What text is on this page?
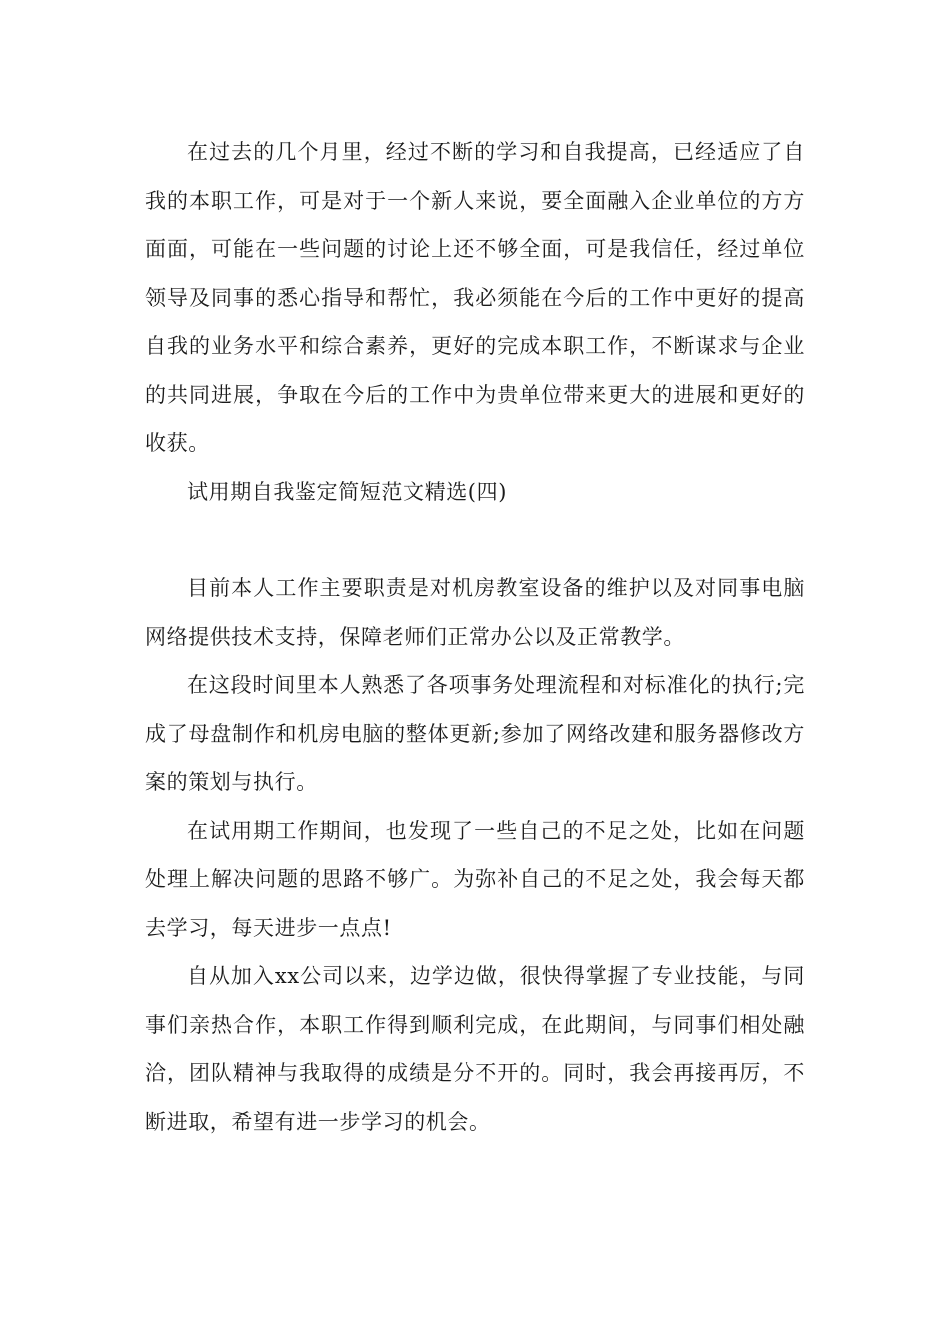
在过去的几个月里，经过不断的学习和自我提高，已经适应了自我的本职工作，可是对于一个新人来说，要全面融入企业单位的方方面面，可能在一些问题的讨论上还不够全面，可是我信任，经过单位领导及同事的悉心指导和帮忙，我必须能在今后的工作中更好的提高自我的业务水平和综合素养，更好的完成本职工作，不断谋求与企业的共同进展，争取在今后的工作中为贵单位带来更大的进展和更好的收获。

试用期自我鉴定简短范文精选(四)

目前本人工作主要职责是对机房教室设备的维护以及对同事电脑网络提供技术支持，保障老师们正常办公以及正常教学。

在这段时间里本人熟悉了各项事务处理流程和对标准化的执行;完成了母盘制作和机房电脑的整体更新;参加了网络改建和服务器修改方案的策划与执行。

在试用期工作期间，也发现了一些自己的不足之处，比如在问题处理上解决问题的思路不够广。为弥补自己的不足之处，我会每天都去学习，每天进步一点点!

自从加入xx公司以来，边学边做，很快得掌握了专业技能，与同事们亲热合作，本职工作得到顺利完成，在此期间，与同事们相处融洽，团队精神与我取得的成绩是分不开的。同时，我会再接再厉，不断进取，希望有进一步学习的机会。
